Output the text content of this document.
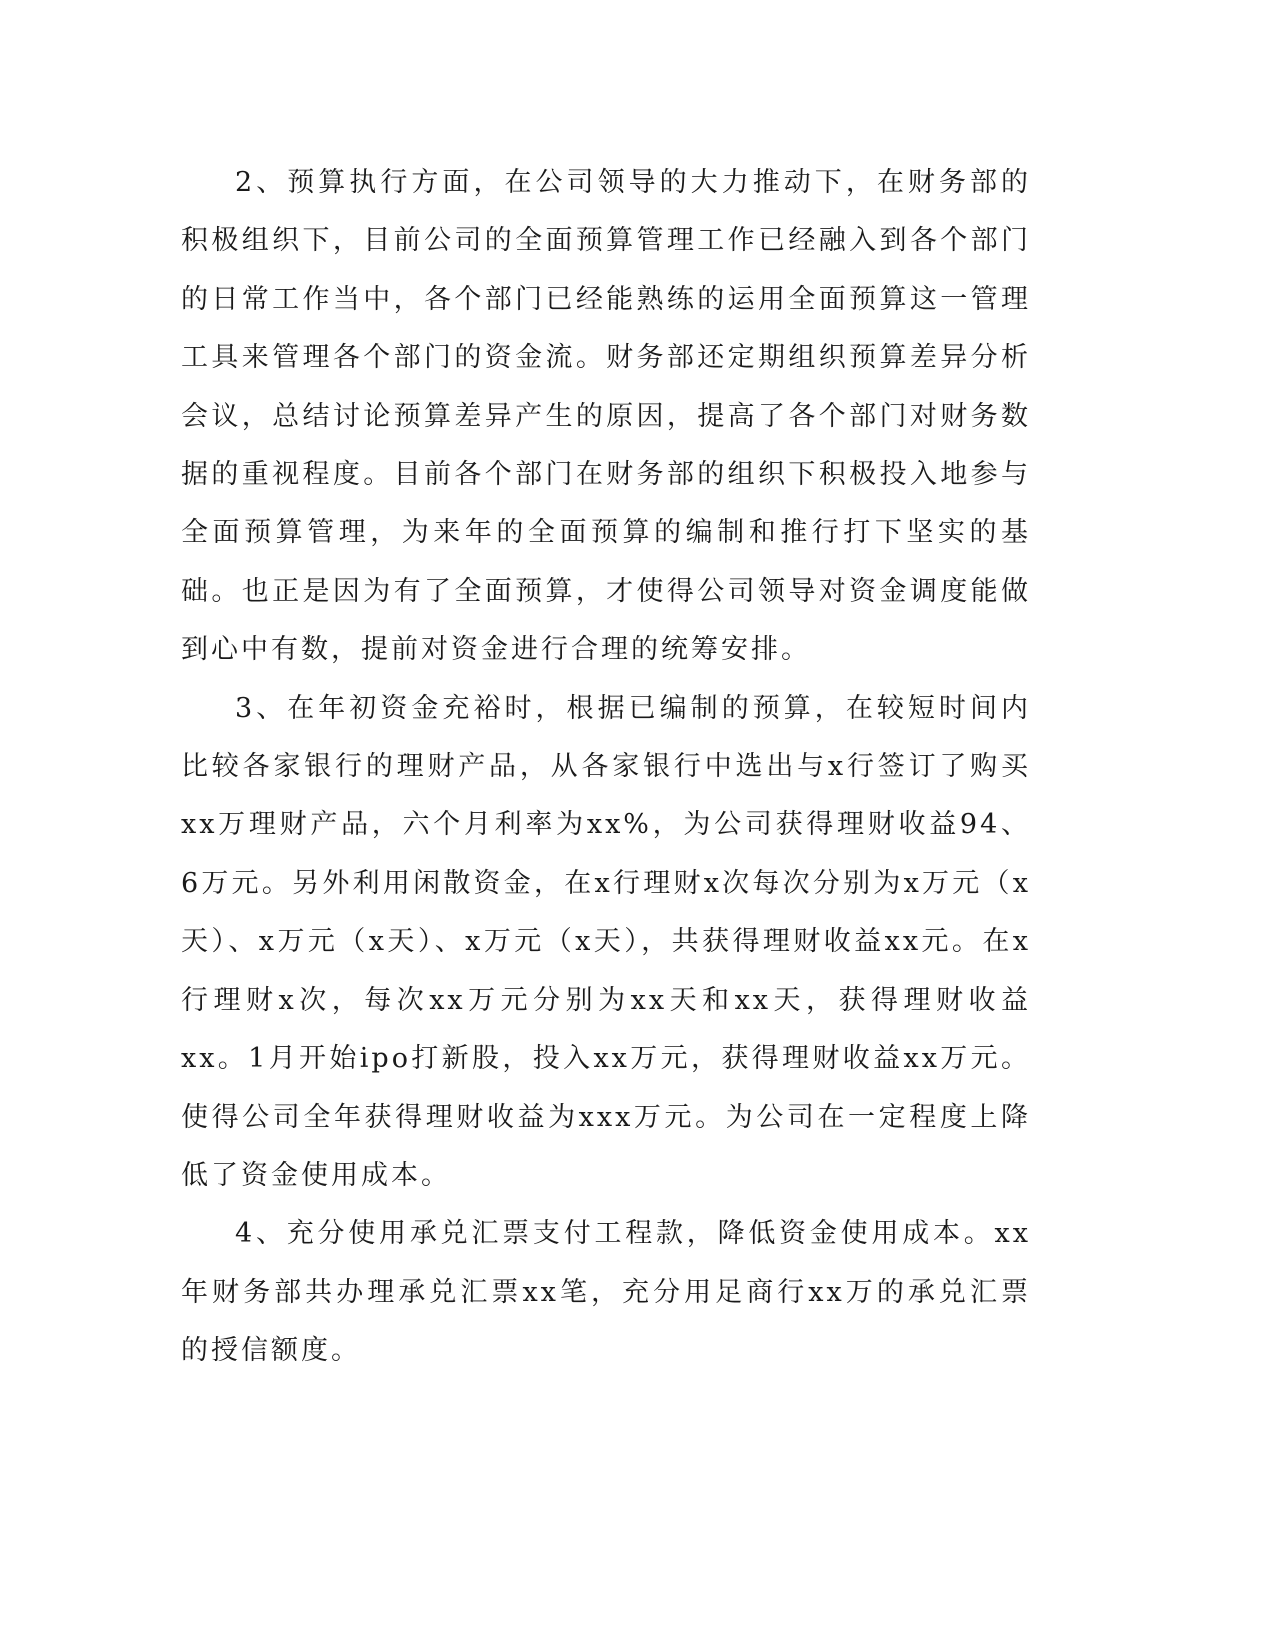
2、预算执行方面，在公司领导的大力推动下，在财务部的积极组织下，目前公司的全面预算管理工作已经融入到各个部门的日常工作当中，各个部门已经能熟练的运用全面预算这一管理工具来管理各个部门的资金流。财务部还定期组织预算差异分析会议，总结讨论预算差异产生的原因，提高了各个部门对财务数据的重视程度。目前各个部门在财务部的组织下积极投入地参与全面预算管理，为来年的全面预算的编制和推行打下坚实的基础。也正是因为有了全面预算，才使得公司领导对资金调度能做到心中有数，提前对资金进行合理的统筹安排。

3、在年初资金充裕时，根据已编制的预算，在较短时间内比较各家银行的理财产品，从各家银行中选出与x行签订了购买xx万理财产品，六个月利率为xx%，为公司获得理财收益94、6万元。另外利用闲散资金，在x行理财x次每次分别为x万元（x天）、x万元（x天）、x万元（x天），共获得理财收益xx元。在x行理财x次，每次xx万元分别为xx天和xx天，获得理财收益xx。1月开始ipo打新股，投入xx万元，获得理财收益xx万元。使得公司全年获得理财收益为xxx万元。为公司在一定程度上降低了资金使用成本。

4、充分使用承兑汇票支付工程款，降低资金使用成本。xx年财务部共办理承兑汇票xx笔，充分用足商行xx万的承兑汇票的授信额度。
